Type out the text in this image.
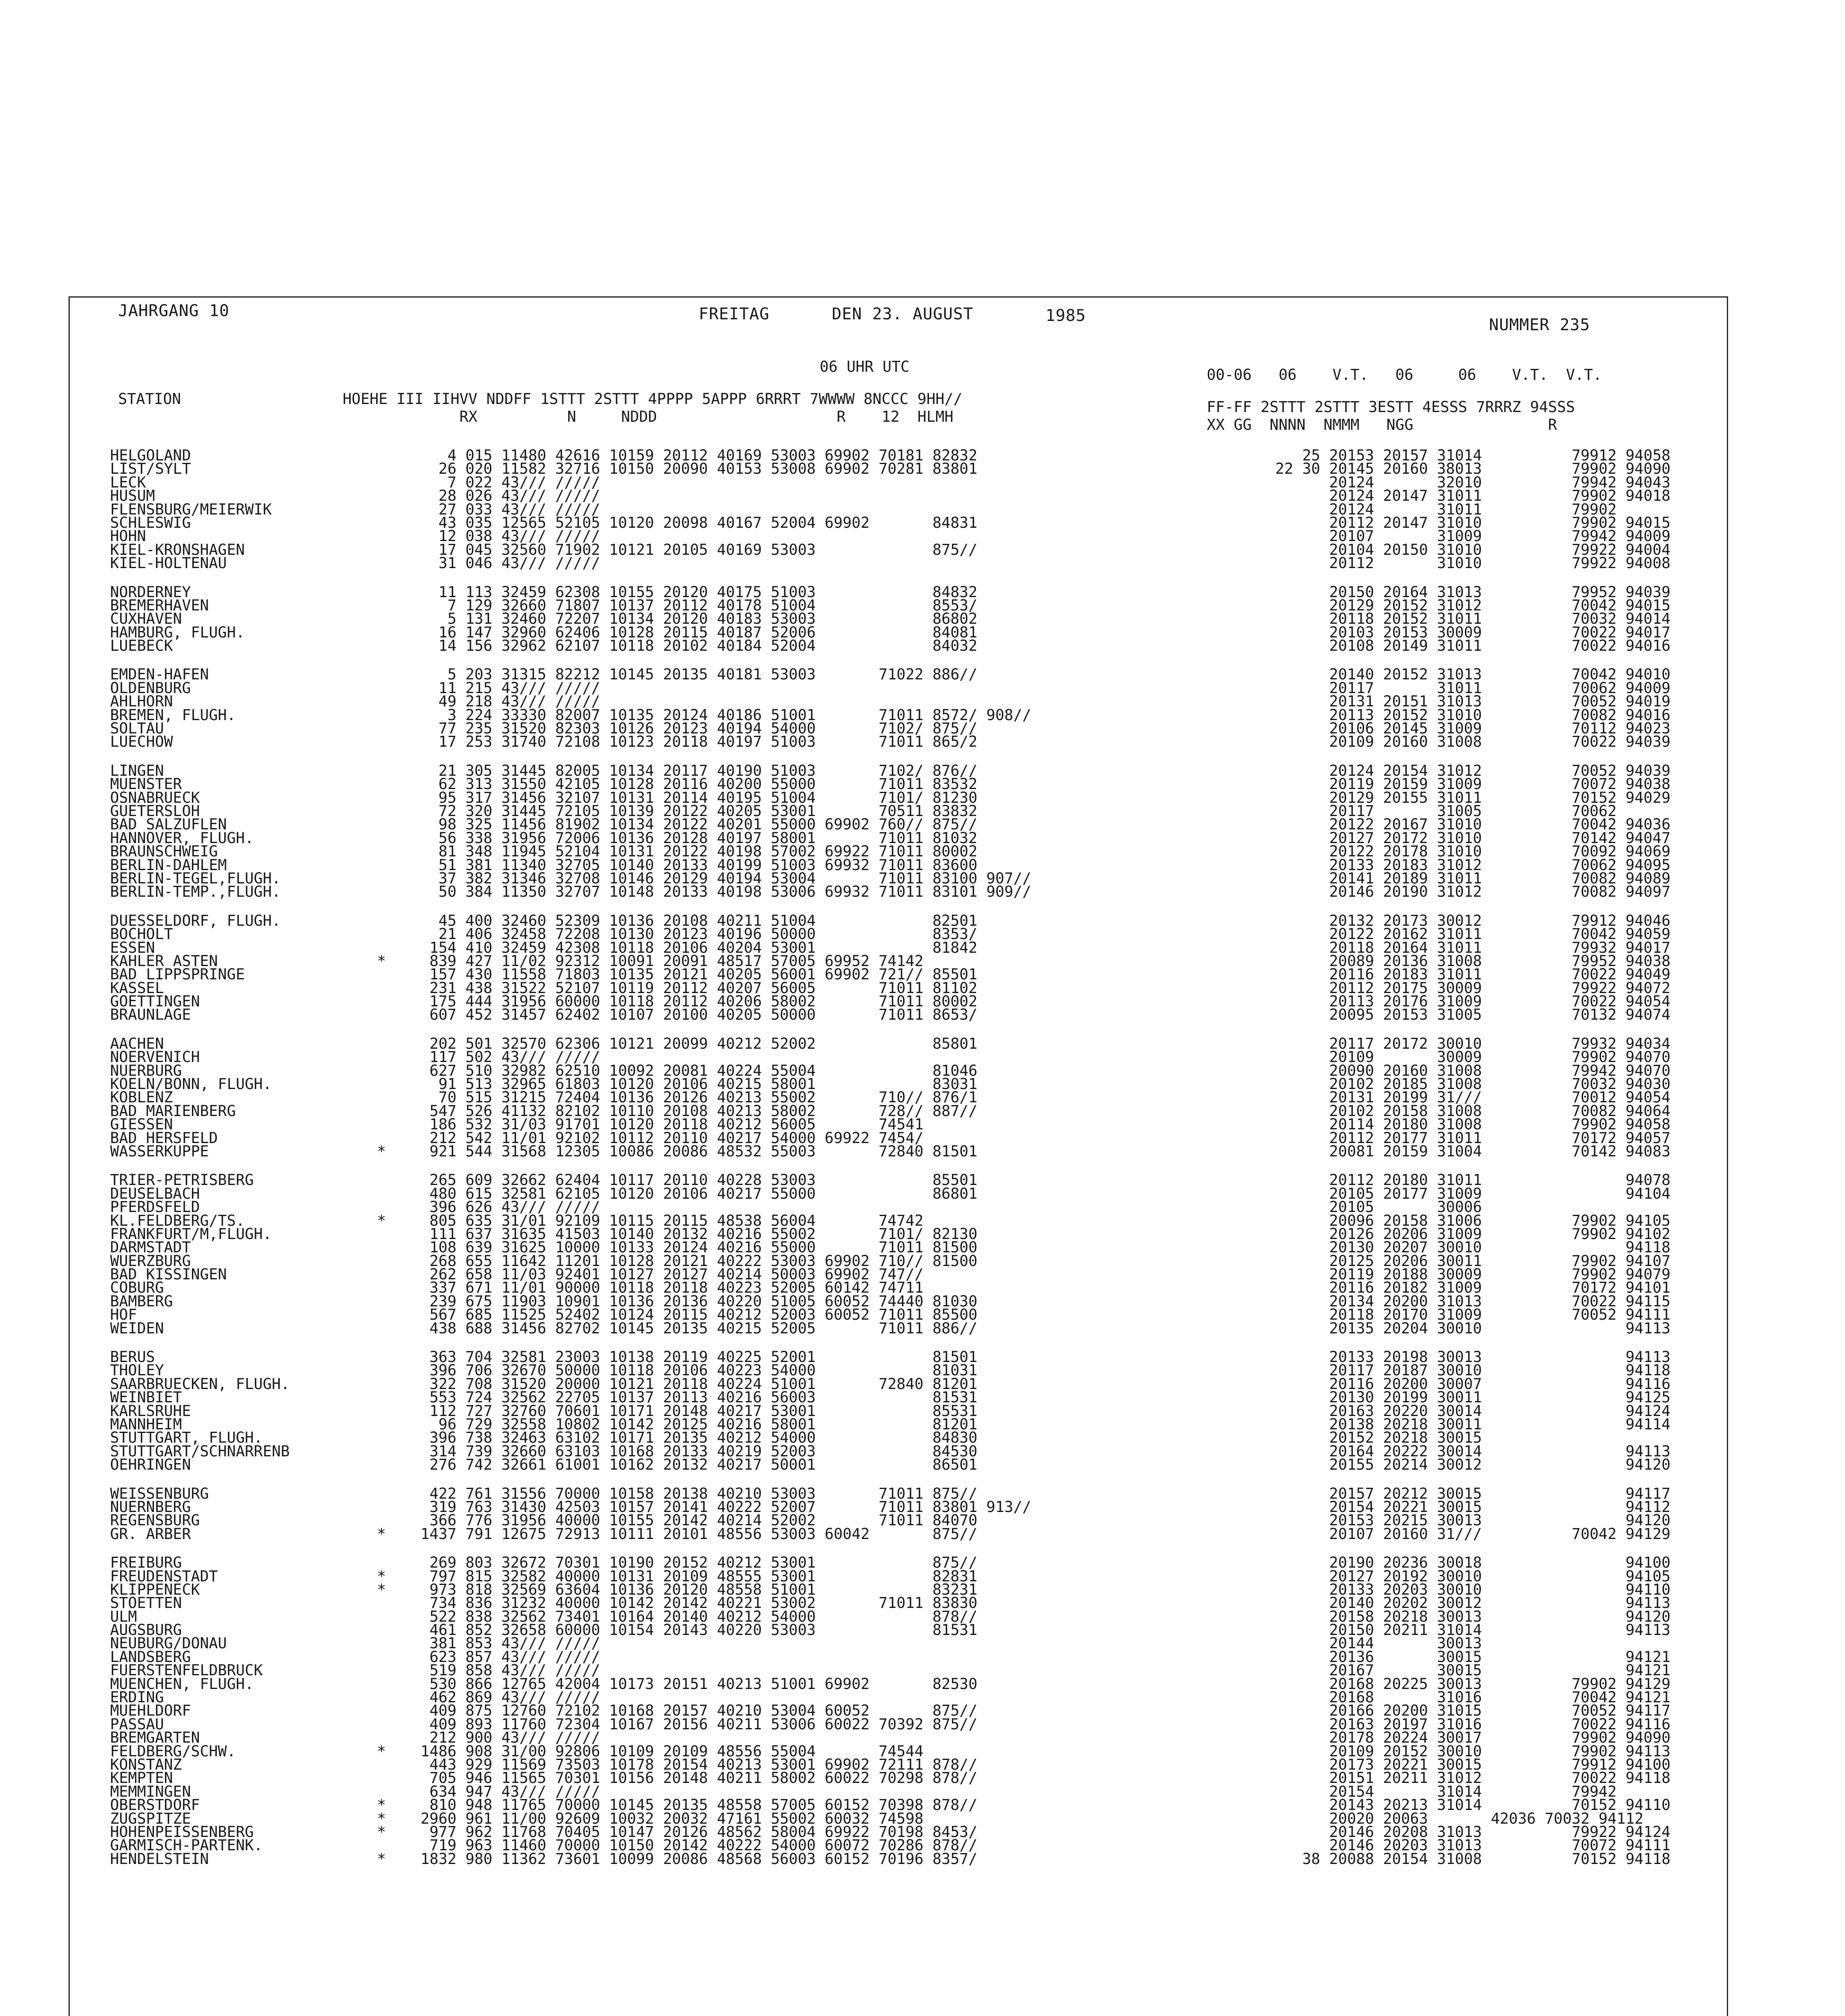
JAHRGANG 10	FREITAG	DEN 23. AUGUST	1985	NUMMER 235
06 UHR UTC
STATION                  HOEHE III IIHVV NDDFF 1STTT 2STTT 4PPPP 5APPP 6RRRT 7WWWW 8NCCC 9HH//
RX          N     NDDD                    R    12  HLMH
00-06   06    V.T.   06     06    V.T.  V.T.
FF-FF 2STTT 2STTT 3ESTT 4ESSS 7RRRZ 94SSS
XX GG  NNNN  NMMM   NGG               R
HELGOLAND	4 015 11480 42616 10159 20112 40169 53003 69902 70181 82832	25 20153 20157 31014          79912 94058
LIST/SYLT	26 020 11582 32716 10150 20090 40153 53008 69902 70281 83801	22 30 20145 20160 38013          79902 94090
LECK	7 022 43/// /////	20124       32010          79942 94043
HUSUM	28 026 43/// /////	20124 20147 31011          79902 94018
FLENSBURG/MEIERWIK	27 033 43/// /////	20124       31011          79902
SCHLESWIG	43 035 12565 52105 10120 20098 40167 52004 69902       84831	20112 20147 31010          79902 94015
HOHN	12 038 43/// /////	20107       31009          79942 94009
KIEL-KRONSHAGEN	17 045 32560 71902 10121 20105 40169 53003             875//	20104 20150 31010          79922 94004
KIEL-HOLTENAU	31 046 43/// /////	20112       31010          79922 94008
NORDERNEY	11 113 32459 62308 10155 20120 40175 51003             84832	20150 20164 31013          79952 94039
BREMERHAVEN	7 129 32660 71807 10137 20112 40178 51004             8553/	20129 20152 31012          70042 94015
CUXHAVEN	5 131 32460 72207 10134 20120 40183 53003             86802	20118 20152 31011          70032 94014
HAMBURG, FLUGH.	16 147 32960 62406 10128 20115 40187 52006             84081	20103 20153 30009          70022 94017
LUEBECK	14 156 32962 62107 10118 20102 40184 52004             84032	20108 20149 31011          70022 94016
EMDEN-HAFEN	5 203 31315 82212 10145 20135 40181 53003       71022 886//	20140 20152 31013          70042 94010
OLDENBURG	11 215 43/// /////	20117       31011          70062 94009
AHLHORN	49 218 43/// /////	20131 20151 31013          70052 94019
BREMEN, FLUGH.	3 224 33330 82007 10135 20124 40186 51001       71011 8572/ 908//	20113 20152 31010          70082 94016
SOLTAU	77 235 31520 82303 10126 20123 40194 54000       7102/ 875//	20106 20145 31009          70112 94023
LUECHOW	17 253 31740 72108 10123 20118 40197 51003       71011 865/2	20109 20160 31008          70022 94039
LINGEN	21 305 31445 82005 10134 20117 40190 51003       7102/ 876//	20124 20154 31012          70052 94039
MUENSTER	62 313 31550 42105 10128 20116 40200 55000       71011 83532	20119 20159 31009          70072 94038
OSNABRUECK	95 317 31456 32107 10131 20114 40195 51004       7101/ 81230	20129 20155 31011          70152 94029
GUETERSLOH	72 320 31445 72105 10139 20122 40205 53001       70511 83832	20117       31005          70062
BAD SALZUFLEN	98 325 11456 81902 10134 20122 40201 55000 69902 760// 875//	20122 20167 31010          70042 94036
HANNOVER, FLUGH.	56 338 31956 72006 10136 20128 40197 58001       71011 81032	20127 20172 31010          70142 94047
BRAUNSCHWEIG	81 348 11945 52104 10131 20122 40198 57002 69922 71011 80002	20122 20178 31010          70092 94069
BERLIN-DAHLEM	51 381 11340 32705 10140 20133 40199 51003 69932 71011 83600	20133 20183 31012          70062 94095
BERLIN-TEGEL,FLUGH.	37 382 31346 32708 10146 20129 40194 53004       71011 83100 907//	20141 20189 31011          70082 94089
BERLIN-TEMP.,FLUGH.	50 384 11350 32707 10148 20133 40198 53006 69932 71011 83101 909//	20146 20190 31012          70082 94097
DUESSELDORF, FLUGH.	45 400 32460 52309 10136 20108 40211 51004             82501	20132 20173 30012          79912 94046
BOCHOLT	21 406 32458 72208 10130 20123 40196 50000             8353/	20122 20162 31011          70042 94059
ESSEN	154 410 32459 42308 10118 20106 40204 53001             81842	20118 20164 31011          79932 94017
KAHLER ASTEN	* 839 427 11/02 92312 10091 20091 48517 57005 69952 74142	20089 20136 31008          79952 94038
BAD LIPPSPRINGE	157 430 11558 71803 10135 20121 40205 56001 69902 721// 85501	20116 20183 31011          70022 94049
KASSEL	231 438 31522 52107 10119 20112 40207 56005       71011 81102	20112 20175 30009          79922 94072
GOETTINGEN	175 444 31956 60000 10118 20112 40206 58002       71011 80002	20113 20176 31009          70022 94054
BRAUNLAGE	607 452 31457 62402 10107 20100 40205 50000       71011 8653/	20095 20153 31005          70132 94074
AACHEN	202 501 32570 62306 10121 20099 40212 52002             85801	20117 20172 30010          79932 94034
NOERVENICH	117 502 43/// /////	20109       30009          79902 94070
NUERBURG	627 510 32982 62510 10092 20081 40224 55004             81046	20090 20160 31008          79942 94070
KOELN/BONN, FLUGH.	91 513 32965 61803 10120 20106 40215 58001             83031	20102 20185 31008          70032 94030
KOBLENZ	70 515 31215 72404 10136 20126 40213 55002       710// 876/1	20131 20199 31///          70012 94054
BAD MARIENBERG	547 526 41132 82102 10110 20108 40213 58002       728// 887//	20102 20158 31008          70082 94064
GIESSEN	186 532 31/03 91701 10120 20118 40212 56005       74541	20114 20180 31008          79902 94058
BAD HERSFELD	212 542 11/01 92102 10112 20110 40217 54000 69922 7454/	20112 20177 31011          70172 94057
WASSERKUPPE	* 921 544 31568 12305 10086 20086 48532 55003       72840 81501	20081 20159 31004          70142 94083
TRIER-PETRISBERG	265 609 32662 62404 10117 20110 40228 53003             85501	20112 20180 31011                94078
DEUSELBACH	480 615 32581 62105 10120 20106 40217 55000             86801	20105 20177 31009                94104
PFERDSFELD	396 626 43/// /////	20105       30006
KL.FELDBERG/TS.	* 805 635 31/01 92109 10115 20115 48538 56004       74742	20096 20158 31006          79902 94105
FRANKFURT/M,FLUGH.	111 637 31635 41503 10140 20132 40216 55002       7101/ 82130	20126 20206 31009          79902 94102
DARMSTADT	108 639 31625 10000 10133 20124 40216 55000       71011 81500	20130 20207 30010                94118
WUERZBURG	268 655 11642 11201 10128 20121 40222 53003 69902 710// 81500	20125 20206 30011          79902 94107
BAD KISSINGEN	262 658 11/03 92401 10127 20127 40214 50003 69902 747//	20119 20188 30009          79902 94079
COBURG	337 671 11/01 90000 10118 20118 40223 52005 60142 74711	20116 20182 31009          70172 94101
BAMBERG	239 675 11903 10901 10136 20136 40220 51005 60052 74440 81030	20134 20200 31013          70022 94115
HOF	567 685 11525 52402 10124 20115 40212 52003 60052 71011 85500	20118 20170 31009          70052 94111
WEIDEN	438 688 31456 82702 10145 20135 40215 52005       71011 886//	20135 20204 30010                94113
BERUS	363 704 32581 23003 10138 20119 40225 52001             81501	20133 20198 30013                94113
THOLEY	396 706 32670 50000 10118 20106 40223 54000             81031	20117 20187 30010                94118
SAARBRUECKEN, FLUGH.	322 708 31520 20000 10121 20118 40224 51001       72840 81201	20116 20200 30007                94116
WEINBIET	553 724 32562 22705 10137 20113 40216 56003             81531	20130 20199 30011                94125
KARLSRUHE	112 727 32760 70601 10171 20148 40217 53001             85531	20163 20220 30014                94124
MANNHEIM	96 729 32558 10802 10142 20125 40216 58001             81201	20138 20218 30011                94114
STUTTGART, FLUGH.	396 738 32463 63102 10171 20135 40212 54000             84830	20152 20218 30015
STUTTGART/SCHNARRENB	314 739 32660 63103 10168 20133 40219 52003             84530	20164 20222 30014                94113
OEHRINGEN	276 742 32661 61001 10162 20132 40217 50001             86501	20155 20214 30012                94120
WEISSENBURG	422 761 31556 70000 10158 20138 40210 53003       71011 875//	20157 20212 30015                94117
NUERNBERG	319 763 31430 42503 10157 20141 40222 52007       71011 83801 913//	20154 20221 30015                94112
REGENSBURG	366 776 31956 40000 10155 20142 40214 52002       71011 84070	20153 20215 30013                94120
GR. ARBER	* 1437 791 12675 72913 10111 20101 48556 53003 60042       875//	20107 20160 31///          70042 94129
FREIBURG	269 803 32672 70301 10190 20152 40212 53001             875//	20190 20236 30018                94100
FREUDENSTADT	* 797 815 32582 40000 10131 20109 48555 53001             82831	20127 20192 30010                94105
KLIPPENECK	* 973 818 32569 63604 10136 20120 48558 51001             83231	20133 20203 30010                94110
STOETTEN	734 836 31232 40000 10142 20142 40221 53002       71011 83830	20140 20202 30012                94113
ULM	522 838 32562 73401 10164 20140 40212 54000             878//	20158 20218 30013                94120
AUGSBURG	461 852 32658 60000 10154 20143 40220 53003             81531	20150 20211 31014                94113
NEUBURG/DONAU	381 853 43/// /////	20144       30013
LANDSBERG	623 857 43/// /////	20136       30015                94121
FUERSTENFELDBRUCK	519 858 43/// /////	20167       30015                94121
MUENCHEN, FLUGH.	530 866 12765 42004 10173 20151 40213 51001 69902       82530	20168 20225 30013          79902 94129
ERDING	462 869 43/// /////	20168       31016          70042 94121
MUEHLDORF	409 875 12760 72102 10168 20157 40210 53004 60052       875//	20166 20200 31015          70052 94117
PASSAU	409 893 11760 72304 10167 20156 40211 53006 60022 70392 875//	20163 20197 31016          70022 94116
BREMGARTEN	212 900 43/// /////	20178 20224 30017          79902 94090
FELDBERG/SCHW.	* 1486 908 31/00 92806 10109 20109 48556 55004       74544	20109 20152 30010          79902 94113
KONSTANZ	443 929 11569 73503 10178 20154 40213 53001 69902 72111 878//	20173 20221 30015          79912 94100
KEMPTEN	705 946 11565 70301 10156 20148 40211 58002 60022 70298 878//	20151 20211 31012          70022 94118
MEMMINGEN	634 947 43/// /////	20154       31014          79942
OBERSTDORF	* 810 948 11765 70000 10145 20135 48558 57005 60152 70398 878//	20143 20213 31014          70152 94110
ZUGSPITZE	* 2960 961 11/00 92609 10032 20032 47161 55002 60032 74598	20020 20063       42036 70032 94112
HOHENPEISSENBERG	* 977 962 11768 70405 10147 20126 48562 58004 69922 70198 8453/	20146 20208 31013          79922 94124
GARMISCH-PARTENK.	719 963 11460 70000 10150 20142 40222 54000 60072 70286 878//	20146 20203 31013          70072 94111
HENDELSTEIN	* 1832 980 11362 73601 10099 20086 48568 56003 60152 70196 8357/	38 20088 20154 31008          70152 94118
